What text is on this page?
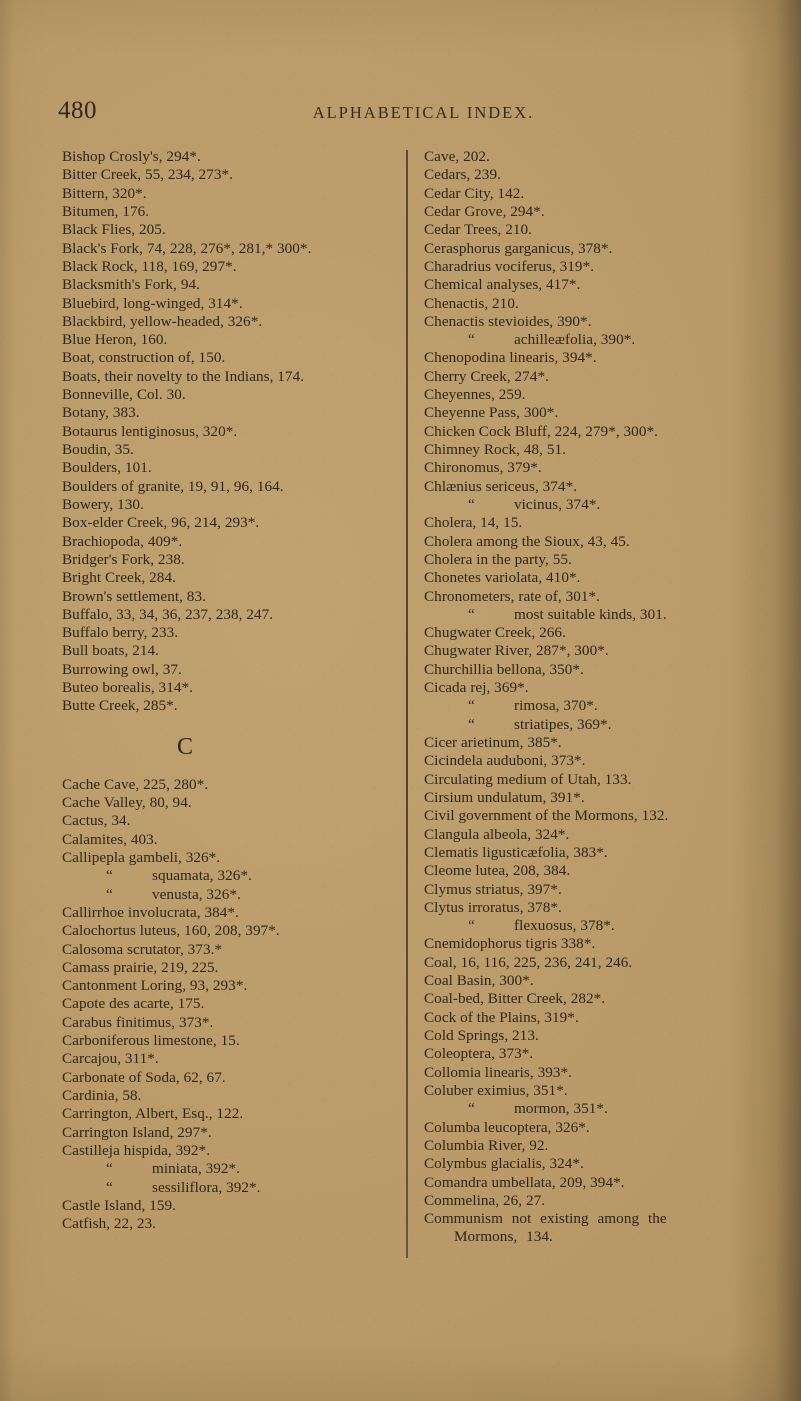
480	ALPHABETICAL INDEX.
Bishop Crosly's, 294*.
Bitter Creek, 55, 234, 273*.
Bittern, 320*.
Bitumen, 176.
Black Flies, 205.
Black's Fork, 74, 228, 276*, 281,* 300*.
Black Rock, 118, 169, 297*.
Blacksmith's Fork, 94.
Bluebird, long-winged, 314*.
Blackbird, yellow-headed, 326*.
Blue Heron, 160.
Boat, construction of, 150.
Boats, their novelty to the Indians, 174.
Bonneville, Col. 30.
Botany, 383.
Botaurus lentiginosus, 320*.
Boudin, 35.
Boulders, 101.
Boulders of granite, 19, 91, 96, 164.
Bowery, 130.
Box-elder Creek, 96, 214, 293*.
Brachiopoda, 409*.
Bridger's Fork, 238.
Bright Creek, 284.
Brown's settlement, 83.
Buffalo, 33, 34, 36, 237, 238, 247.
Buffalo berry, 233.
Bull boats, 214.
Burrowing owl, 37.
Buteo borealis, 314*.
Butte Creek, 285*.
C
Cache Cave, 225, 280*.
Cache Valley, 80, 94.
Cactus, 34.
Calamites, 403.
Callipepla gambeli, 326*.
“	squamata, 326*.
“	venusta, 326*.
Callirrhoe involucrata, 384*.
Calochortus luteus, 160, 208, 397*.
Calosoma scrutator, 373.*
Camass prairie, 219, 225.
Cantonment Loring, 93, 293*.
Capote des acarte, 175.
Carabus finitimus, 373*.
Carboniferous limestone, 15.
Carcajou, 311*.
Carbonate of Soda, 62, 67.
Cardinia, 58.
Carrington, Albert, Esq., 122.
Carrington Island, 297*.
Castilleja hispida, 392*.
“	miniata, 392*.
“	sessiliflora, 392*.
Castle Island, 159.
Catfish, 22, 23.
Cave, 202.
Cedars, 239.
Cedar City, 142.
Cedar Grove, 294*.
Cedar Trees, 210.
Cerasphorus garganicus, 378*.
Charadrius vociferus, 319*.
Chemical analyses, 417*.
Chenactis, 210.
Chenactis stevioides, 390*.
“	achilleæfolia, 390*.
Chenopodina linearis, 394*.
Cherry Creek, 274*.
Cheyennes, 259.
Cheyenne Pass, 300*.
Chicken Cock Bluff, 224, 279*, 300*.
Chimney Rock, 48, 51.
Chironomus, 379*.
Chlænius sericeus, 374*.
“	vicinus, 374*.
Cholera, 14, 15.
Cholera among the Sioux, 43, 45.
Cholera in the party, 55.
Chonetes variolata, 410*.
Chronometers, rate of, 301*.
“	most suitable kinds, 301.
Chugwater Creek, 266.
Chugwater River, 287*, 300*.
Churchillia bellona, 350*.
Cicada rej, 369*.
“	rimosa, 370*.
“	striatipes, 369*.
Cicer arietinum, 385*.
Cicindela auduboni, 373*.
Circulating medium of Utah, 133.
Cirsium undulatum, 391*.
Civil government of the Mormons, 132.
Clangula albeola, 324*.
Clematis ligusticæfolia, 383*.
Cleome lutea, 208, 384.
Clymus striatus, 397*.
Clytus irroratus, 378*.
“	flexuosus, 378*.
Cnemidophorus tigris 338*.
Coal, 16, 116, 225, 236, 241, 246.
Coal Basin, 300*.
Coal-bed, Bitter Creek, 282*.
Cock of the Plains, 319*.
Cold Springs, 213.
Coleoptera, 373*.
Collomia linearis, 393*.
Coluber eximius, 351*.
“	mormon, 351*.
Columba leucoptera, 326*.
Columbia River, 92.
Colymbus glacialis, 324*.
Comandra umbellata, 209, 394*.
Commelina, 26, 27.
Communism not existing among the
Mormons, 134.
